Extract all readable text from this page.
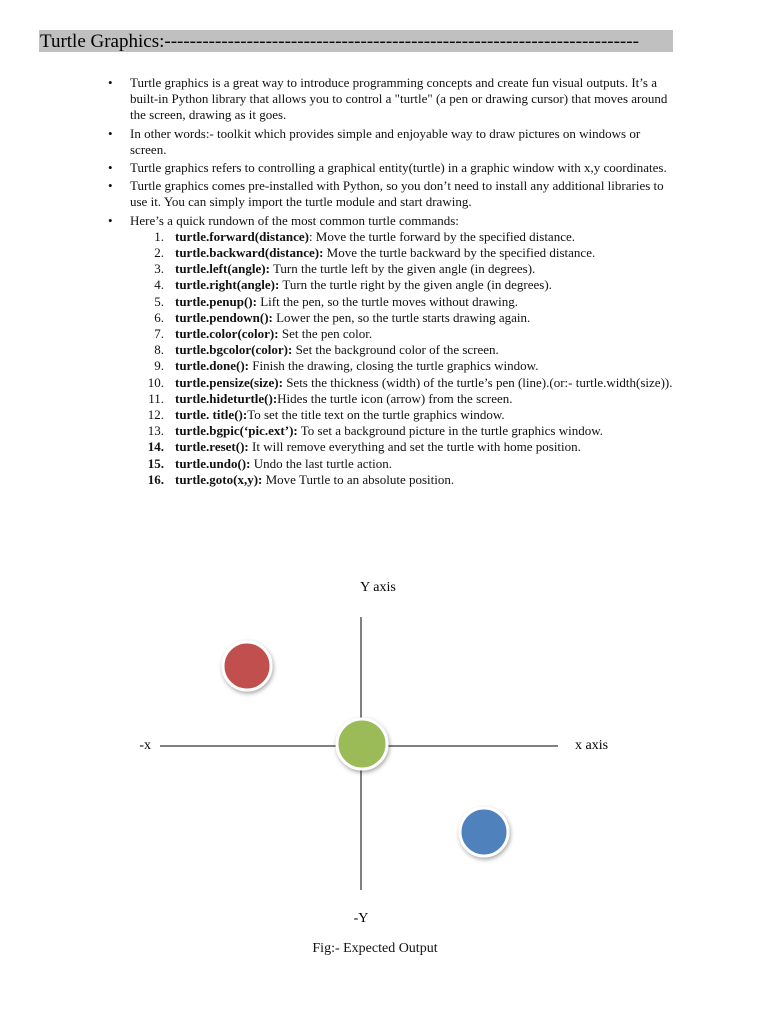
Turtle Graphics:---------------------------------------------------------------------------
• Turtle graphics is a great way to introduce programming concepts and create fun visual outputs. It’s a built-in Python library that allows you to control a "turtle" (a pen or drawing cursor) that moves around the screen, drawing as it goes.
• In other words:- toolkit which provides simple and enjoyable way to draw pictures on windows or screen.
• Turtle graphics refers to controlling a graphical entity(turtle) in a graphic window with x,y coordinates.
• Turtle graphics comes pre-installed with Python, so you don’t need to install any additional libraries to use it. You can simply import the turtle module and start drawing.
• Here’s a quick rundown of the most common turtle commands:
1. turtle.forward(distance): Move the turtle forward by the specified distance.
2. turtle.backward(distance): Move the turtle backward by the specified distance.
3. turtle.left(angle): Turn the turtle left by the given angle (in degrees).
4. turtle.right(angle): Turn the turtle right by the given angle (in degrees).
5. turtle.penup(): Lift the pen, so the turtle moves without drawing.
6. turtle.pendown(): Lower the pen, so the turtle starts drawing again.
7. turtle.color(color): Set the pen color.
8. turtle.bgcolor(color): Set the background color of the screen.
9. turtle.done(): Finish the drawing, closing the turtle graphics window.
10. turtle.pensize(size): Sets the thickness (width) of the turtle’s pen (line).(or:- turtle.width(size)).
11. turtle.hideturtle():Hides the turtle icon (arrow) from the screen.
12. turtle. title():To set the title text on the turtle graphics window.
13. turtle.bgpic(‘pic.ext’): To set a background picture in the turtle graphics window.
14. turtle.reset(): It will remove everything and set the turtle with home position.
15. turtle.undo(): Undo the last turtle action.
16. turtle.goto(x,y): Move Turtle to an absolute position.
Y axis
-x	x axis
-Y
Fig:- Expected Output
